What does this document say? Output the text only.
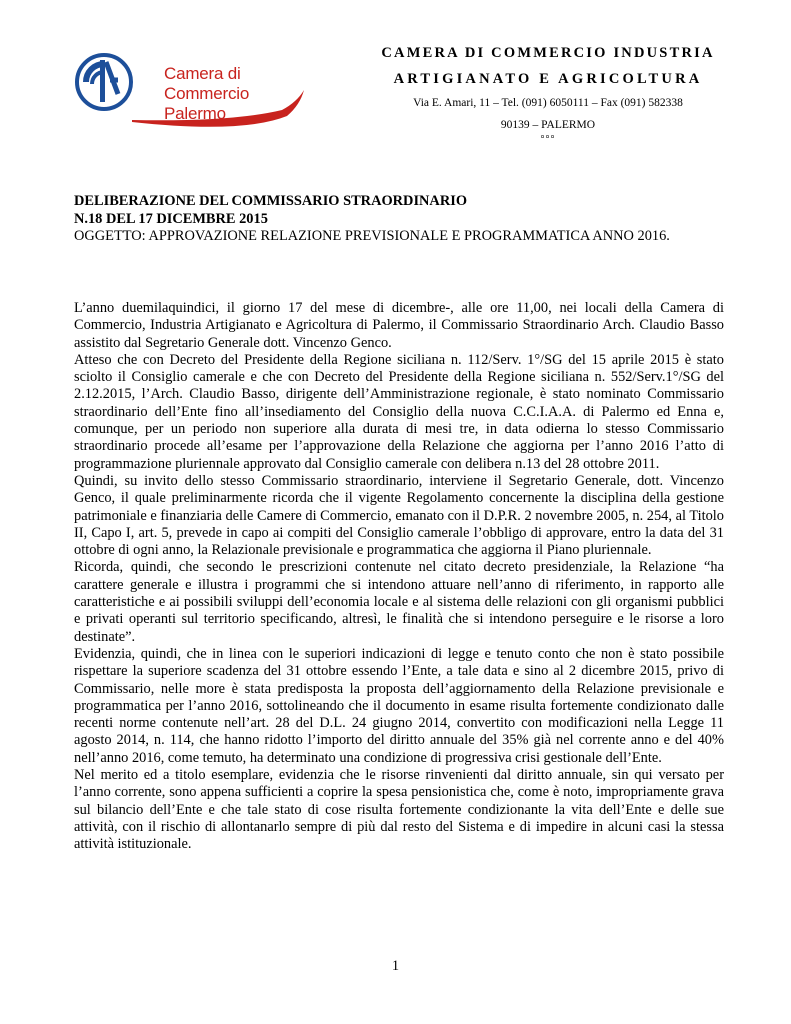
Camera di Commercio
Palermo
CAMERA DI COMMERCIO INDUSTRIA
ARTIGIANATO E AGRICOLTURA
Via E. Amari, 11 – Tel. (091) 6050111 – Fax (091) 582338
90139 – PALERMO
°°°
DELIBERAZIONE DEL COMMISSARIO STRAORDINARIO
N.18 DEL 17 DICEMBRE 2015
OGGETTO: APPROVAZIONE RELAZIONE PREVISIONALE E PROGRAMMATICA ANNO 2016.

L’anno duemilaquindici, il giorno 17 del mese di dicembre-, alle ore 11,00, nei locali della Camera di Commercio, Industria Artigianato e Agricoltura di Palermo, il Commissario Straordinario Arch. Claudio Basso assistito dal Segretario Generale dott. Vincenzo Genco.

Atteso che con Decreto del Presidente della Regione siciliana n. 112/Serv. 1°/SG del 15 aprile 2015 è stato sciolto il Consiglio camerale e che con Decreto del Presidente della Regione siciliana n. 552/Serv.1°/SG del 2.12.2015, l’Arch. Claudio Basso, dirigente dell’Amministrazione regionale, è stato nominato Commissario straordinario dell’Ente fino all’insediamento del Consiglio della nuova C.C.I.A.A. di Palermo ed Enna e, comunque, per un periodo non superiore alla durata di mesi tre, in data odierna lo stesso Commissario straordinario procede all’esame per l’approvazione della Relazione che aggiorna per l’anno 2016 l’atto di programmazione pluriennale approvato dal Consiglio camerale con delibera n.13 del 28 ottobre 2011.

Quindi, su invito dello stesso Commissario straordinario, interviene il Segretario Generale, dott. Vincenzo Genco, il quale preliminarmente ricorda che il vigente Regolamento concernente la disciplina della gestione patrimoniale e finanziaria delle Camere di Commercio, emanato con il D.P.R. 2 novembre 2005, n. 254, al Titolo II, Capo I, art. 5, prevede in capo ai compiti del Consiglio camerale l’obbligo di approvare, entro la data del 31 ottobre di ogni anno, la Relazionale previsionale e programmatica che aggiorna il Piano pluriennale.

Ricorda, quindi, che secondo le prescrizioni contenute nel citato decreto presidenziale, la Relazione “ha carattere generale e illustra i programmi che si intendono attuare nell’anno di riferimento, in rapporto alle caratteristiche e ai possibili sviluppi dell’economia locale e al sistema delle relazioni con gli organismi pubblici e privati operanti sul territorio specificando, altresì, le finalità che si intendono perseguire e le risorse a loro destinate”.

Evidenzia, quindi, che in linea con le superiori indicazioni di legge e tenuto conto che non è stato possibile rispettare la superiore scadenza del 31 ottobre essendo l’Ente, a tale data e sino al 2 dicembre 2015, privo di Commissario, nelle more è stata predisposta la proposta dell’aggiornamento della Relazione previsionale e programmatica per l’anno 2016, sottolineando che il documento in esame risulta fortemente condizionato dalle recenti norme contenute nell’art. 28 del D.L. 24 giugno 2014, convertito con modificazioni nella Legge 11 agosto 2014, n. 114, che hanno ridotto l’importo del diritto annuale del 35% già nel corrente anno e del 40% nell’anno 2016, come temuto, ha determinato una condizione di progressiva crisi gestionale dell’Ente.

Nel merito ed a titolo esemplare, evidenzia che le risorse rinvenienti dal diritto annuale, sin qui versato per l’anno corrente, sono appena sufficienti a coprire la spesa pensionistica che, come è noto, impropriamente grava sul bilancio dell’Ente e che tale stato di cose risulta fortemente condizionante la vita dell’Ente e delle sue attività, con il rischio di allontanarlo sempre di più dal resto del Sistema e di impedire in alcuni casi la stessa attività istituzionale.

1
